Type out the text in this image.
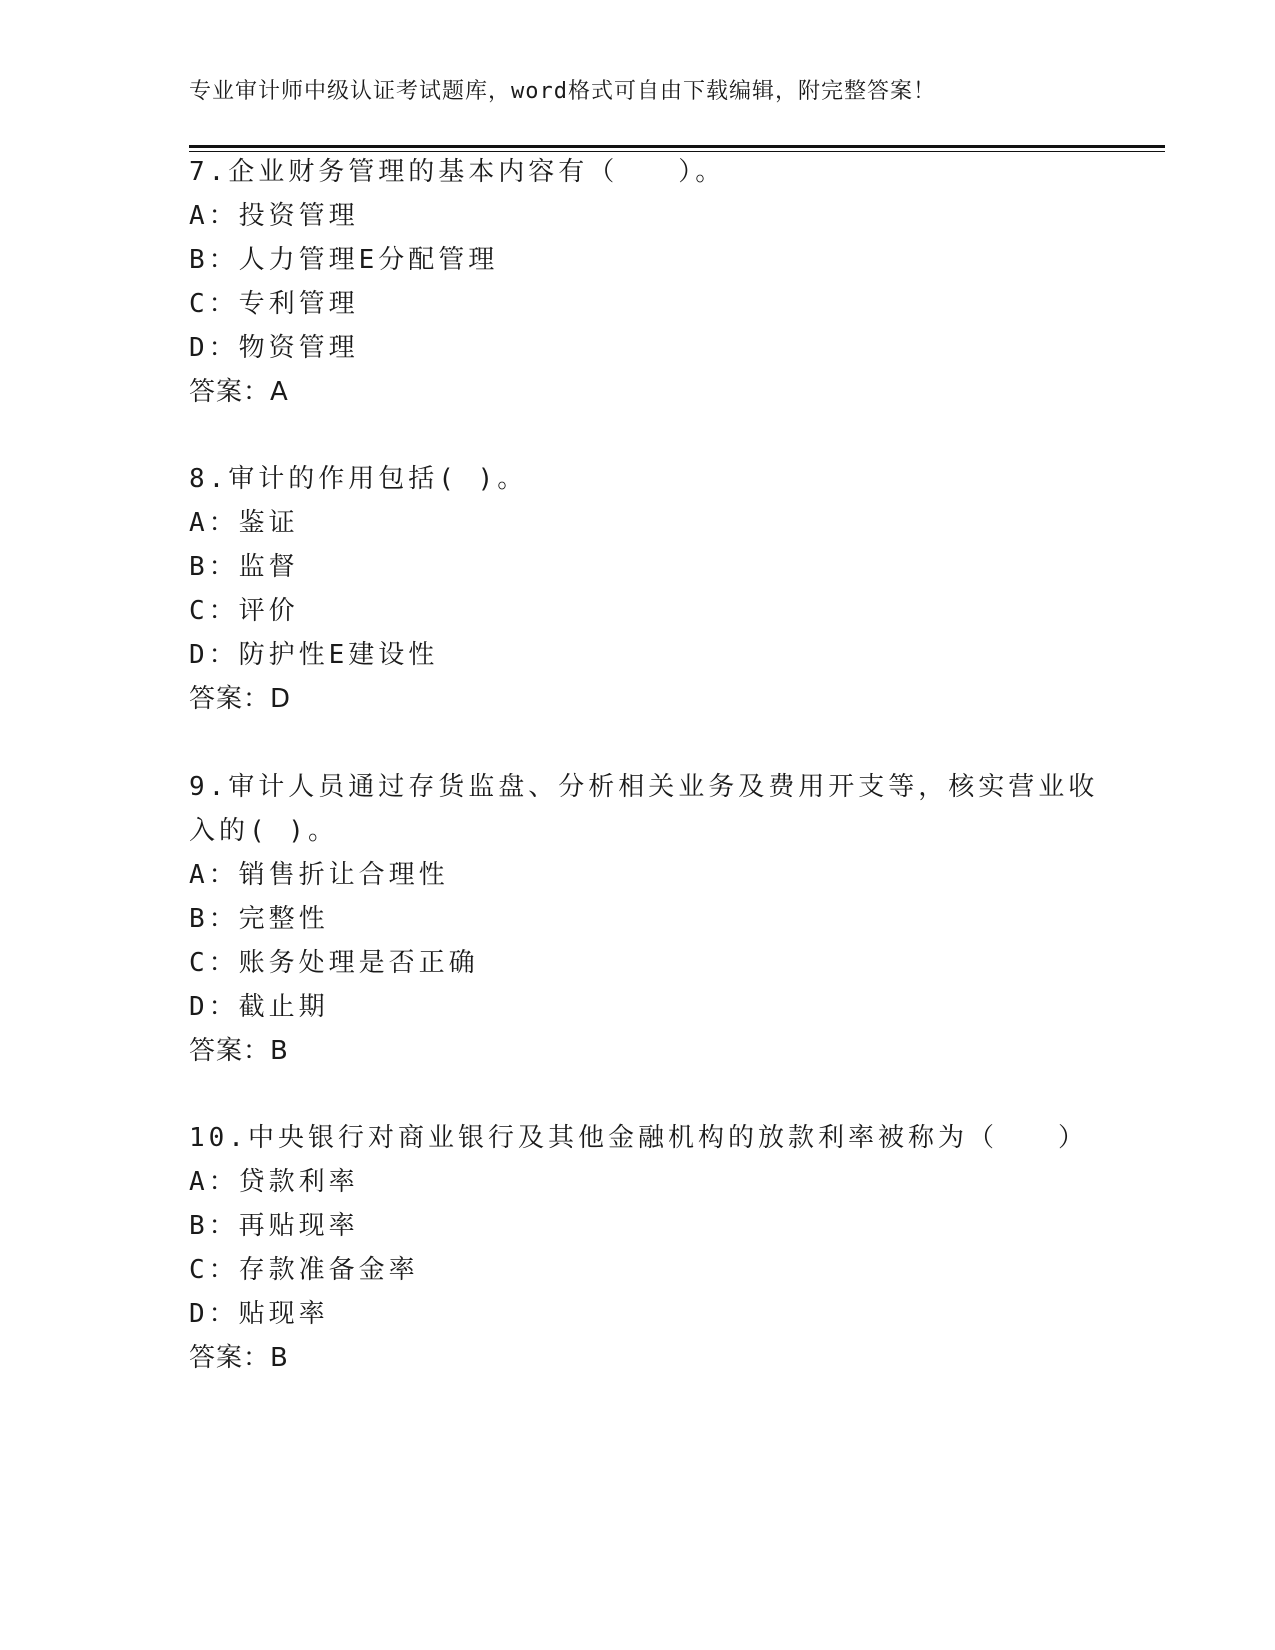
专业审计师中级认证考试题库，word格式可自由下载编辑，附完整答案！
7.企业财务管理的基本内容有（　　）。
A：投资管理
B：人力管理E分配管理
C：专利管理
D：物资管理
答案：A
8.审计的作用包括( )。
A：鉴证
B：监督
C：评价
D：防护性E建设性
答案：D
9.审计人员通过存货监盘、分析相关业务及费用开支等，核实营业收
入的( )。
A：销售折让合理性
B：完整性
C：账务处理是否正确
D：截止期
答案：B
10.中央银行对商业银行及其他金融机构的放款利率被称为（　　）
A：贷款利率
B：再贴现率
C：存款准备金率
D：贴现率
答案：B
